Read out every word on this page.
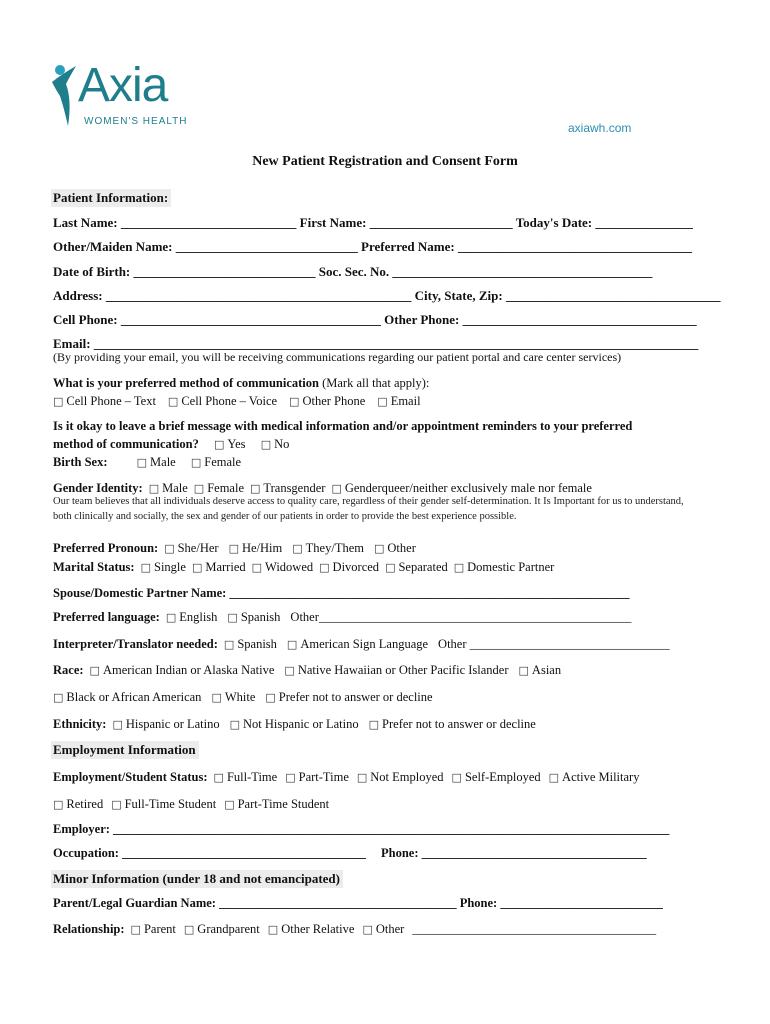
Axia
WOMEN'S HEALTH	axiawh.com
New Patient Registration and Consent Form
Patient Information:
Last Name: ___________________________ First Name: ______________________ Today's Date: _______________
Other/Maiden Name: ____________________________ Preferred Name: ____________________________________
Date of Birth: ____________________________ Soc. Sec. No. ________________________________________
Address: _______________________________________________ City, State, Zip: _________________________________
Cell Phone: ________________________________________ Other Phone: ____________________________________
Email: _____________________________________________________________________________________________
(By providing your email, you will be receiving communications regarding our patient portal and care center services)
What is your preferred method of communication (Mark all that apply):
□ Cell Phone – Text □ Cell Phone – Voice □ Other Phone □ Email
Is it okay to leave a brief message with medical information and/or appointment reminders to your preferred
method of communication? □ Yes □ No
Birth Sex:	□ Male □ Female
Gender Identity: □ Male □ Female □ Transgender □ Genderqueer/neither exclusively male nor female
Our team believes that all individuals deserve access to quality care, regardless of their gender self-determination. It Is Important for us to understand,
both clinically and socially, the sex and gender of our patients in order to provide the best experience possible.
Preferred Pronoun: □ She/Her □ He/Him □ They/Them □ Other
Marital Status: □ Single □ Married □ Widowed □ Divorced □ Separated □ Domestic Partner
Spouse/Domestic Partner Name: ________________________________________________________________
Preferred language: □ English □ Spanish Other__________________________________________________
Interpreter/Translator needed: □ Spanish □ American Sign Language Other ________________________________
Race: □ American Indian or Alaska Native □ Native Hawaiian or Other Pacific Islander □ Asian
□ Black or African American □ White □ Prefer not to answer or decline
Ethnicity: □ Hispanic or Latino □ Not Hispanic or Latino □ Prefer not to answer or decline
Employment Information
Employment/Student Status: □ Full-Time □ Part-Time □ Not Employed □ Self-Employed □ Active Military
□ Retired □ Full-Time Student □ Part-Time Student
Employer: _________________________________________________________________________________________
Occupation: _______________________________________ Phone: ____________________________________
Minor Information (under 18 and not emancipated)
Parent/Legal Guardian Name: ______________________________________ Phone: __________________________
Relationship: □ Parent □ Grandparent □ Other Relative □ Other _______________________________________
